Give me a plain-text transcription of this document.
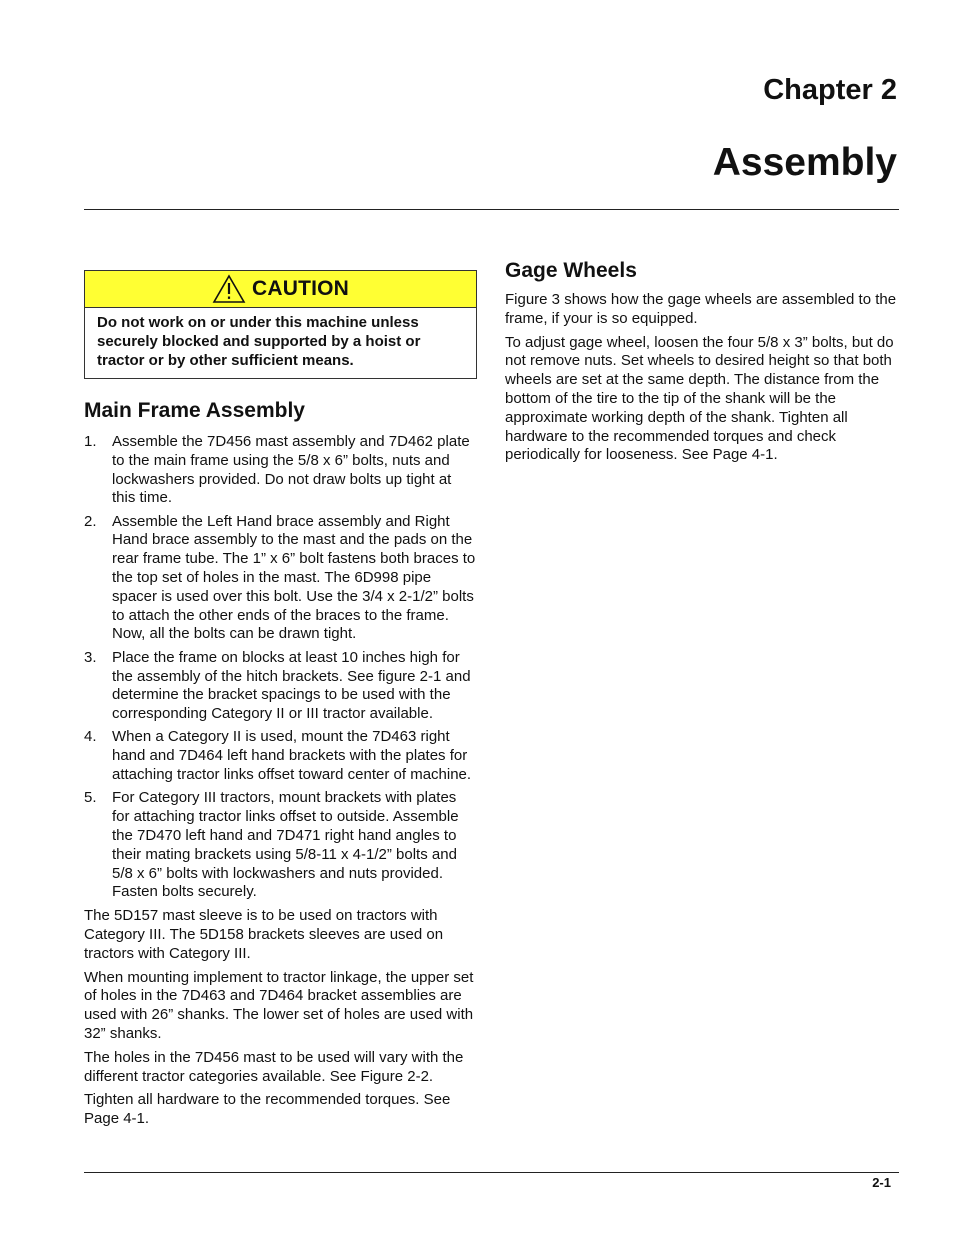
Chapter 2
Assembly
CAUTION
Do not work on or under this machine unless securely blocked and supported by a hoist or tractor or by other sufficient means.
Main Frame Assembly
1.	Assemble the 7D456 mast assembly and 7D462 plate to the main frame using the 5/8 x 6” bolts, nuts and lockwashers provided. Do not draw bolts up tight at this time.
2.	Assemble the Left Hand brace assembly and Right Hand brace assembly to the mast and the pads on the rear frame tube. The 1” x 6” bolt fastens both braces to the top set of holes in the mast. The 6D998 pipe spacer is used over this bolt. Use the 3/4 x 2-1/2” bolts to attach the other ends of the braces to the frame. Now, all the bolts can be drawn tight.
3.	Place the frame on blocks at least 10 inches high for the assembly of the hitch brackets. See figure 2-1 and determine the bracket spacings to be used with the corresponding Category II or III tractor available.
4.	When a Category II is used, mount the 7D463 right hand and 7D464 left hand brackets with the plates for attaching tractor links offset toward center of machine.
5.	For Category III tractors, mount brackets with plates for attaching tractor links offset to outside. Assemble the 7D470 left hand and 7D471 right hand angles to their mating brackets using 5/8-11 x 4-1/2” bolts and 5/8 x 6” bolts with lockwashers and nuts provided. Fasten bolts securely.

The 5D157 mast sleeve is to be used on tractors with Category III. The 5D158 brackets sleeves are used on tractors with Category III.

When mounting implement to tractor linkage, the upper set of holes in the 7D463 and 7D464 bracket assemblies are used with 26” shanks. The lower set of holes are used with 32” shanks.

The holes in the 7D456 mast to be used will vary with the different tractor categories available. See Figure 2-2.

Tighten all hardware to the recommended torques. See Page 4-1.

Gage Wheels

Figure 3 shows how the gage wheels are assembled to the frame, if your is so equipped.

To adjust gage wheel, loosen the four 5/8 x 3” bolts, but do not remove nuts. Set wheels to desired height so that both wheels are set at the same depth. The distance from the bottom of the tire to the tip of the shank will be the approximate working depth of the shank. Tighten all hardware to the recommended torques and check periodically for looseness. See Page 4-1.

2-1
